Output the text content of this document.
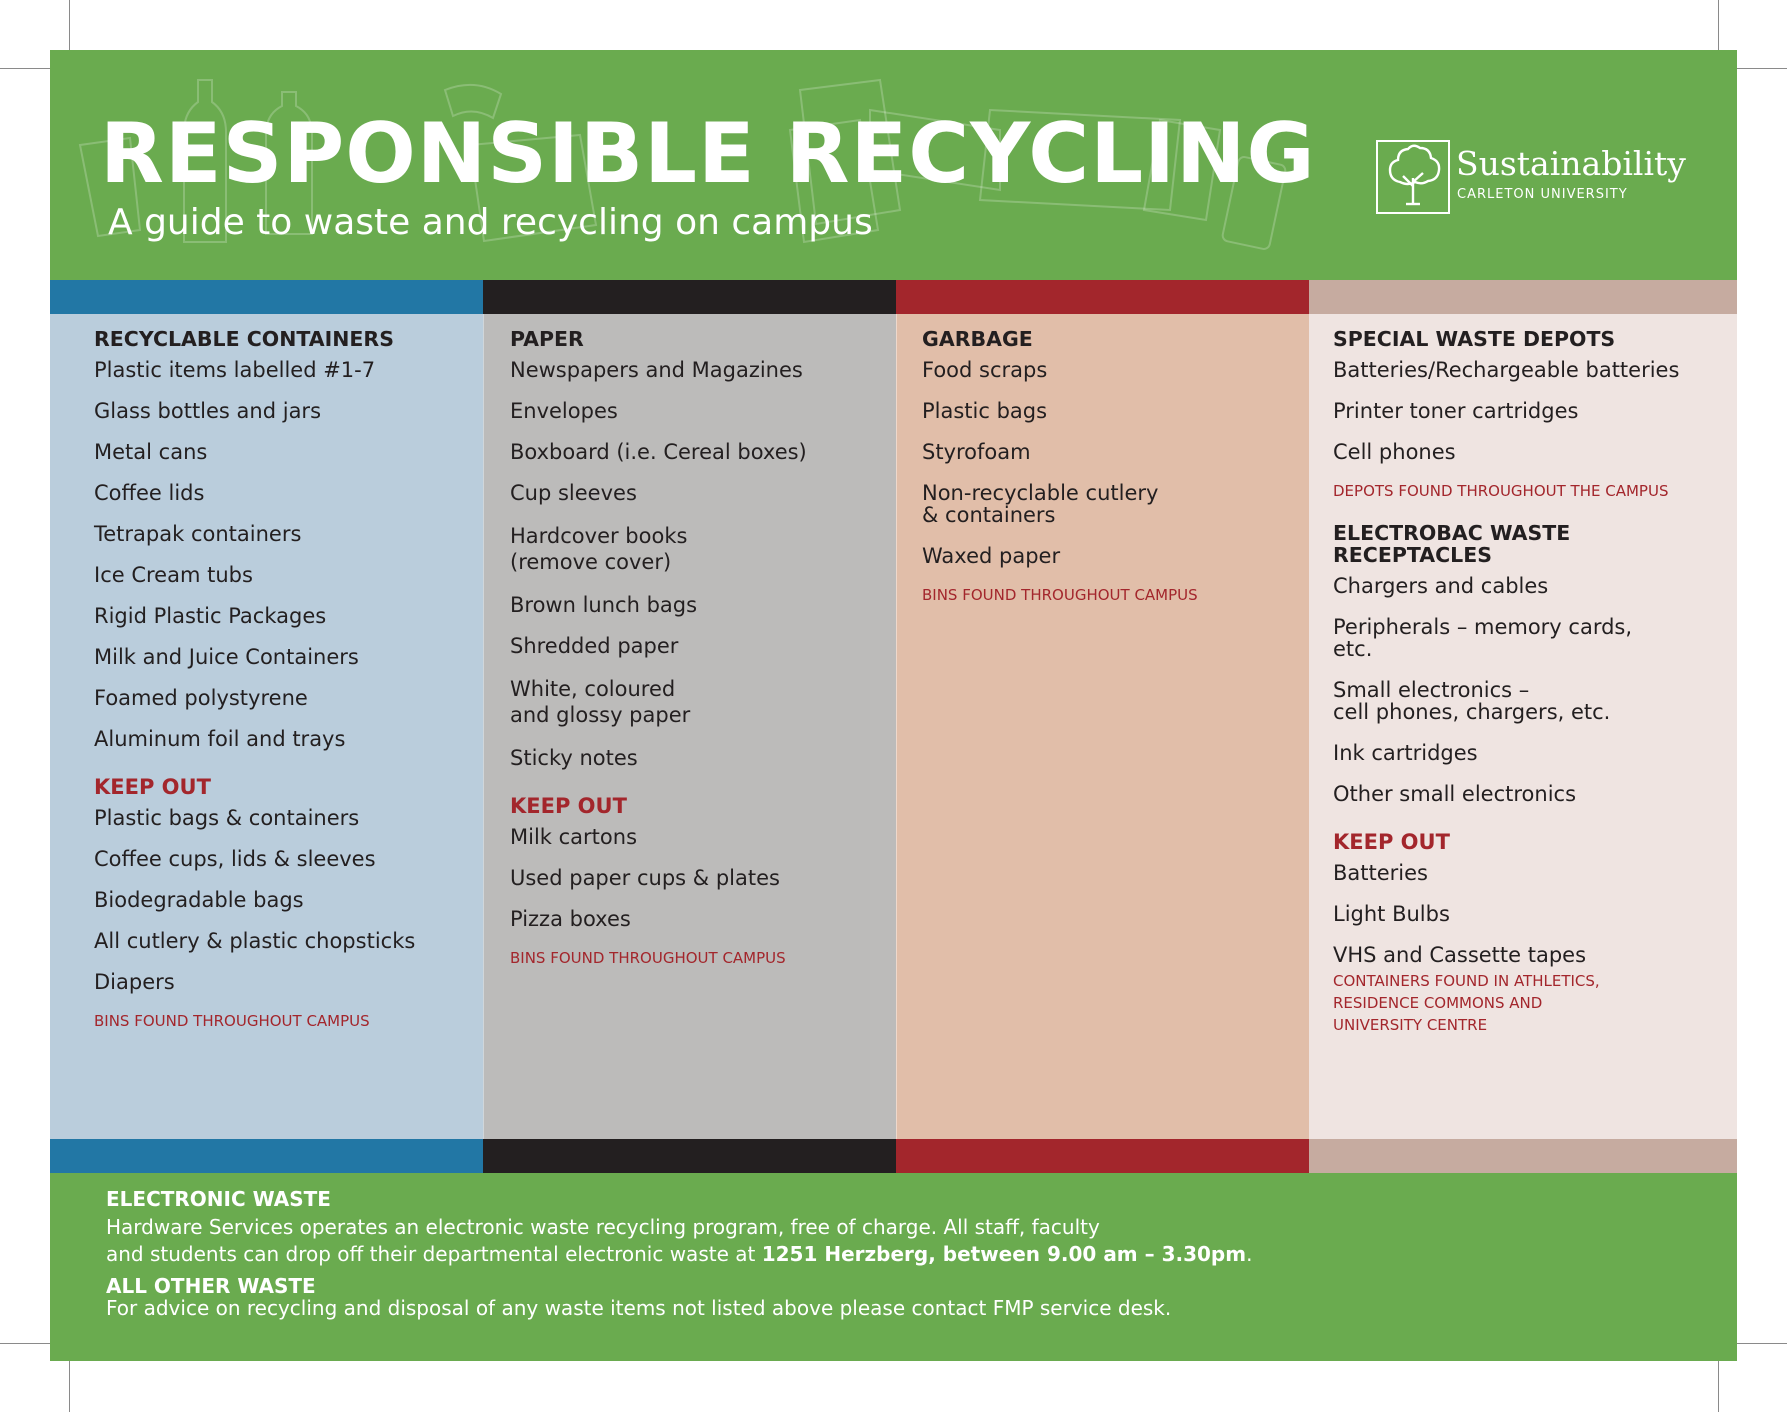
RESPONSIBLE RECYCLING
A guide to waste and recycling on campus
Sustainability
CARLETON UNIVERSITY
RECYCLABLE CONTAINERS
Plastic items labelled #1-7
Glass bottles and jars
Metal cans
Coffee lids
Tetrapak containers
Ice Cream tubs
Rigid Plastic Packages
Milk and Juice Containers
Foamed polystyrene
Aluminum foil and trays
KEEP OUT
Plastic bags & containers
Coffee cups, lids & sleeves
Biodegradable bags
All cutlery & plastic chopsticks
Diapers
BINS FOUND THROUGHOUT CAMPUS
PAPER
Newspapers and Magazines
Envelopes
Boxboard (i.e. Cereal boxes)
Cup sleeves
Hardcover books
(remove cover)
Brown lunch bags
Shredded paper
White, coloured
and glossy paper
Sticky notes
KEEP OUT
Milk cartons
Used paper cups & plates
Pizza boxes
BINS FOUND THROUGHOUT CAMPUS
GARBAGE
Food scraps
Plastic bags
Styrofoam
Non-recyclable cutlery
& containers
Waxed paper
BINS FOUND THROUGHOUT CAMPUS
SPECIAL WASTE DEPOTS
Batteries/Rechargeable batteries
Printer toner cartridges
Cell phones
DEPOTS FOUND THROUGHOUT THE CAMPUS
ELECTROBAC WASTE
RECEPTACLES
Chargers and cables
Peripherals – memory cards,
etc.
Small electronics –
cell phones, chargers, etc.
Ink cartridges
Other small electronics
KEEP OUT
Batteries
Light Bulbs
VHS and Cassette tapes
CONTAINERS FOUND IN ATHLETICS,
RESIDENCE COMMONS AND
UNIVERSITY CENTRE
ELECTRONIC WASTE
Hardware Services operates an electronic waste recycling program, free of charge. All staff, faculty
and students can drop off their departmental electronic waste at 1251 Herzberg, between 9.00 am – 3.30pm.
ALL OTHER WASTE
For advice on recycling and disposal of any waste items not listed above please contact FMP service desk.
